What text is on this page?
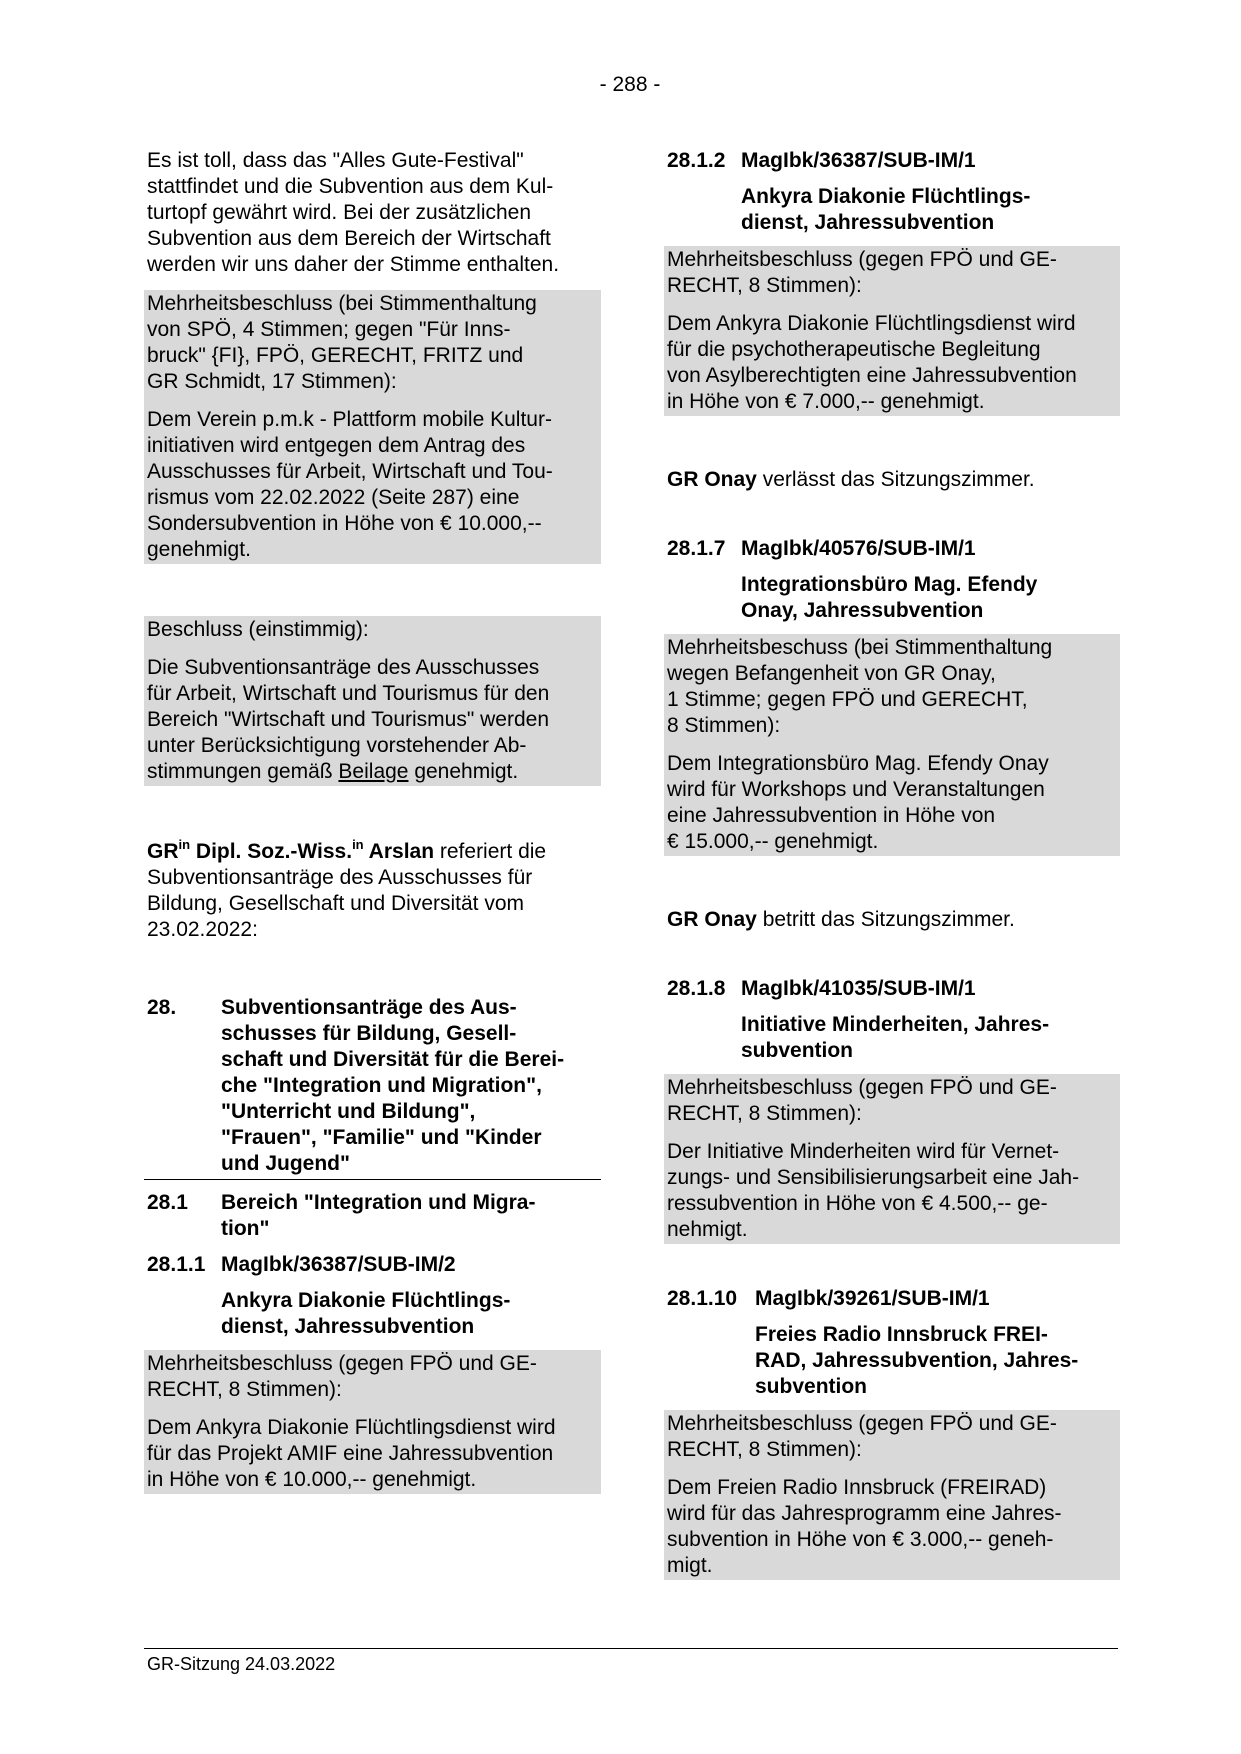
- 288 -

Es ist toll, dass das "Alles Gute-Festival"
stattfindet und die Subvention aus dem Kul-
turtopf gewährt wird. Bei der zusätzlichen
Subvention aus dem Bereich der Wirtschaft
werden wir uns daher der Stimme enthalten.

Mehrheitsbeschluss (bei Stimmenthaltung
von SPÖ, 4 Stimmen; gegen "Für Inns-
bruck" {FI}, FPÖ, GERECHT, FRITZ und
GR Schmidt, 17 Stimmen):

Dem Verein p.m.k - Plattform mobile Kultur-
initiativen wird entgegen dem Antrag des
Ausschusses für Arbeit, Wirtschaft und Tou-
rismus vom 22.02.2022 (Seite 287) eine
Sondersubvention in Höhe von € 10.000,--
genehmigt.

Beschluss (einstimmig):

Die Subventionsanträge des Ausschusses
für Arbeit, Wirtschaft und Tourismus für den
Bereich "Wirtschaft und Tourismus" werden
unter Berücksichtigung vorstehender Ab-
stimmungen gemäß Beilage genehmigt.

$GR^{in}$ Dipl. Soz.-Wiss.$^{in}$ Arslan referiert die
Subventionsanträge des Ausschusses für
Bildung, Gesellschaft und Diversität vom
23.02.2022:

28.	Subventionsanträge des Aus-
schusses für Bildung, Gesell-
schaft und Diversität für die Berei-
che "Integration und Migration",
"Unterricht und Bildung",
"Frauen", "Familie" und "Kinder
und Jugend"
28.1	Bereich "Integration und Migra-
tion"
28.1.1 MagIbk/36387/SUB-IM/2

Ankyra Diakonie Flüchtlings-
dienst, Jahressubvention

Mehrheitsbeschluss (gegen FPÖ und GE-
RECHT, 8 Stimmen):

Dem Ankyra Diakonie Flüchtlingsdienst wird
für das Projekt AMIF eine Jahressubvention
in Höhe von € 10.000,-- genehmigt.

28.1.2 MagIbk/36387/SUB-IM/1

Ankyra Diakonie Flüchtlings-
dienst, Jahressubvention

Mehrheitsbeschluss (gegen FPÖ und GE-
RECHT, 8 Stimmen):

Dem Ankyra Diakonie Flüchtlingsdienst wird
für die psychotherapeutische Begleitung
von Asylberechtigten eine Jahressubvention
in Höhe von € 7.000,-- genehmigt.

GR Onay verlässt das Sitzungszimmer.

28.1.7 MagIbk/40576/SUB-IM/1

Integrationsbüro Mag. Efendy
Onay, Jahressubvention

Mehrheitsbeschuss (bei Stimmenthaltung
wegen Befangenheit von GR Onay,
1 Stimme; gegen FPÖ und GERECHT,
8 Stimmen):

Dem Integrationsbüro Mag. Efendy Onay
wird für Workshops und Veranstaltungen
eine Jahressubvention in Höhe von
€ 15.000,-- genehmigt.

GR Onay betritt das Sitzungszimmer.

28.1.8 MagIbk/41035/SUB-IM/1

Initiative Minderheiten, Jahres-
subvention

Mehrheitsbeschluss (gegen FPÖ und GE-
RECHT, 8 Stimmen):

Der Initiative Minderheiten wird für Vernet-
zungs- und Sensibilisierungsarbeit eine Jah-
ressubvention in Höhe von € 4.500,-- ge-
nehmigt.

28.1.10 MagIbk/39261/SUB-IM/1

Freies Radio Innsbruck FREI-
RAD, Jahressubvention, Jahres-
subvention

Mehrheitsbeschluss (gegen FPÖ und GE-
RECHT, 8 Stimmen):

Dem Freien Radio Innsbruck (FREIRAD)
wird für das Jahresprogramm eine Jahres-
subvention in Höhe von € 3.000,-- geneh-
migt.

GR-Sitzung 24.03.2022
